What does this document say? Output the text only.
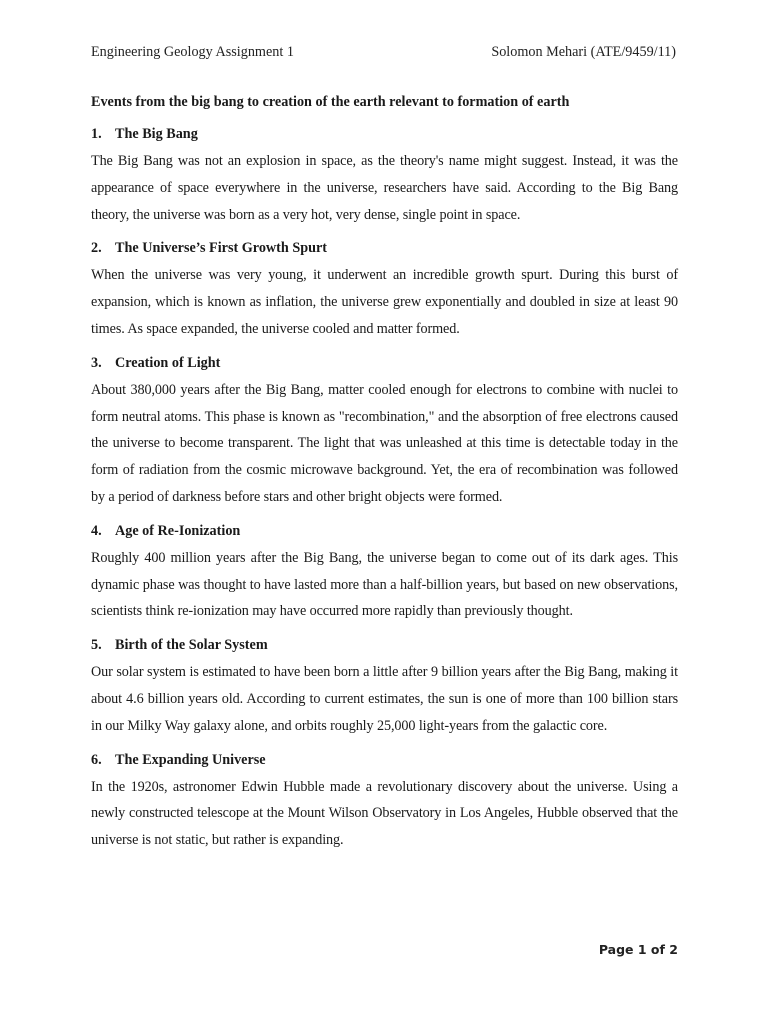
Engineering Geology Assignment 1	Solomon Mehari (ATE/9459/11)
Events from the big bang to creation of the earth relevant to formation of earth
1. The Big Bang

The Big Bang was not an explosion in space, as the theory's name might suggest. Instead, it was the appearance of space everywhere in the universe, researchers have said. According to the Big Bang theory, the universe was born as a very hot, very dense, single point in space.

2. The Universe’s First Growth Spurt

When the universe was very young, it underwent an incredible growth spurt. During this burst of expansion, which is known as inflation, the universe grew exponentially and doubled in size at least 90 times. As space expanded, the universe cooled and matter formed.

3. Creation of Light

About 380,000 years after the Big Bang, matter cooled enough for electrons to combine with nuclei to form neutral atoms. This phase is known as "recombination," and the absorption of free electrons caused the universe to become transparent. The light that was unleashed at this time is detectable today in the form of radiation from the cosmic microwave background. Yet, the era of recombination was followed by a period of darkness before stars and other bright objects were formed.

4. Age of Re-Ionization

Roughly 400 million years after the Big Bang, the universe began to come out of its dark ages. This dynamic phase was thought to have lasted more than a half-billion years, but based on new observations, scientists think re-ionization may have occurred more rapidly than previously thought.

5. Birth of the Solar System

Our solar system is estimated to have been born a little after 9 billion years after the Big Bang, making it about 4.6 billion years old. According to current estimates, the sun is one of more than 100 billion stars in our Milky Way galaxy alone, and orbits roughly 25,000 light-years from the galactic core.

6. The Expanding Universe

In the 1920s, astronomer Edwin Hubble made a revolutionary discovery about the universe. Using a newly constructed telescope at the Mount Wilson Observatory in Los Angeles, Hubble observed that the universe is not static, but rather is expanding.

Page 1 of 2
